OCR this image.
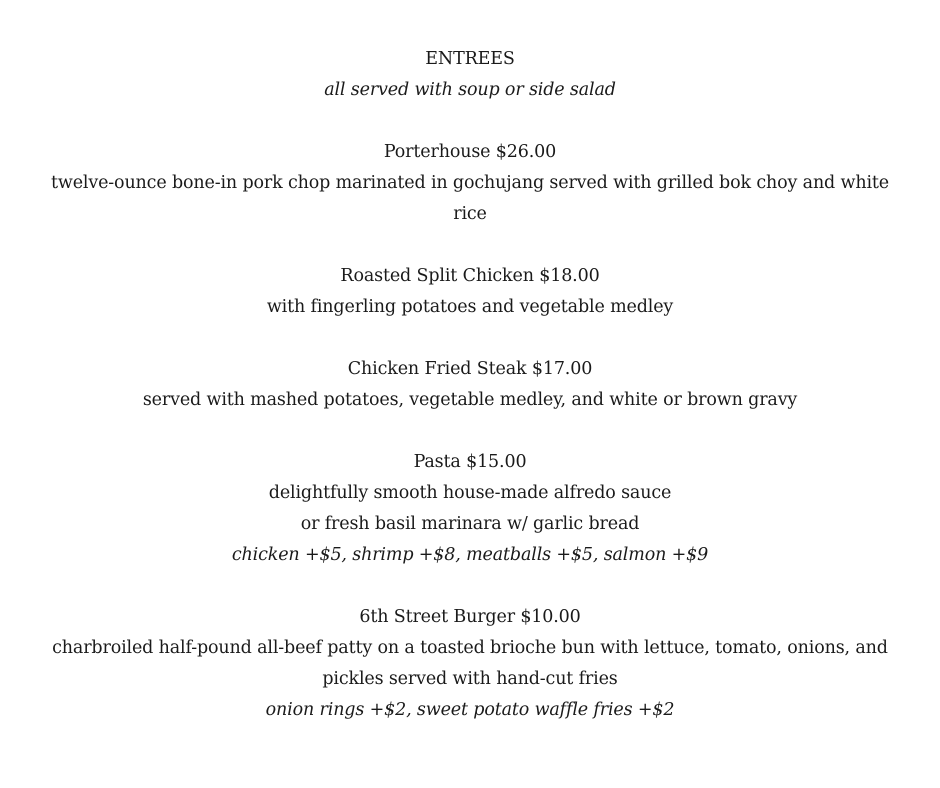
ENTREES
all served with soup or side salad
Porterhouse $26.00
twelve-ounce bone-in pork chop marinated in gochujang served with grilled bok choy and white rice
Roasted Split Chicken $18.00
with fingerling potatoes and vegetable medley
Chicken Fried Steak $17.00
served with mashed potatoes, vegetable medley, and white or brown gravy
Pasta $15.00
delightfully smooth house-made alfredo sauce
or fresh basil marinara w/ garlic bread
chicken +$5, shrimp +$8, meatballs +$5, salmon +$9
6th Street Burger $10.00
charbroiled half-pound all-beef patty on a toasted brioche bun with lettuce, tomato, onions, and pickles served with hand-cut fries
onion rings +$2, sweet potato waffle fries +$2
